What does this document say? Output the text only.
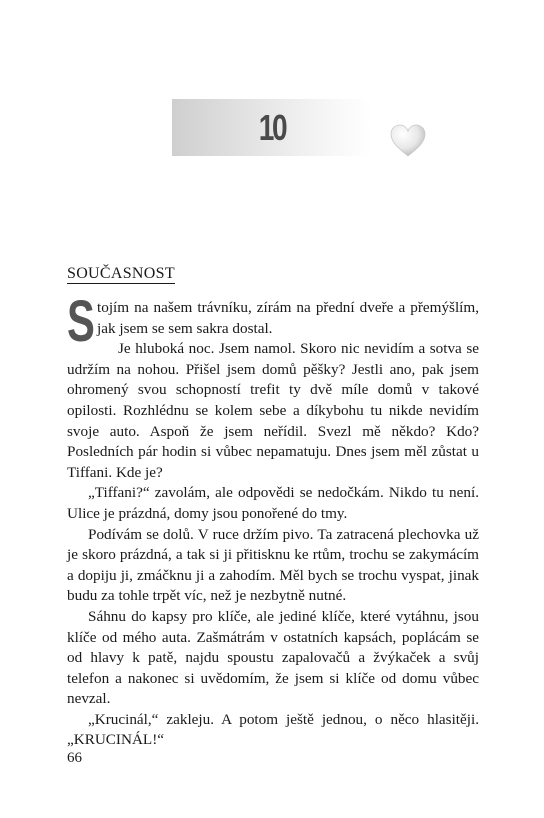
10
SOUČASNOST

Stojím na našem trávníku, zírám na přední dveře a přemýšlím, jak jsem se sem sakra dostal.

Je hluboká noc. Jsem namol. Skoro nic nevidím a sotva se udržím na nohou. Přišel jsem domů pěšky? Jestli ano, pak jsem ohromený svou schopností trefit ty dvě míle domů v takové opilosti. Rozhlédnu se kolem sebe a díkybohu tu nikde nevidím svoje auto. Aspoň že jsem neřídil. Svezl mě někdo? Kdo? Posledních pár hodin si vůbec nepamatuju. Dnes jsem měl zůstat u Tiffani. Kde je?

„Tiffani?“ zavolám, ale odpovědi se nedočkám. Nikdo tu není. Ulice je prázdná, domy jsou ponořené do tmy.

Podívám se dolů. V ruce držím pivo. Ta zatracená plechovka už je skoro prázdná, a tak si ji přitisknu ke rtům, trochu se zakymácím a dopiju ji, zmáčknu ji a zahodím. Měl bych se trochu vyspat, jinak budu za tohle trpět víc, než je nezbytně nutné.

Sáhnu do kapsy pro klíče, ale jediné klíče, které vytáhnu, jsou klíče od mého auta. Zašmátrám v ostatních kapsách, poplácám se od hlavy k patě, najdu spoustu zapalovačů a žvýkaček a svůj telefon a nakonec si uvědomím, že jsem si klíče od domu vůbec nevzal.

„Krucinál,“ zakleju. A potom ještě jednou, o něco hlasitěji. „KRUCINÁL!“

66
